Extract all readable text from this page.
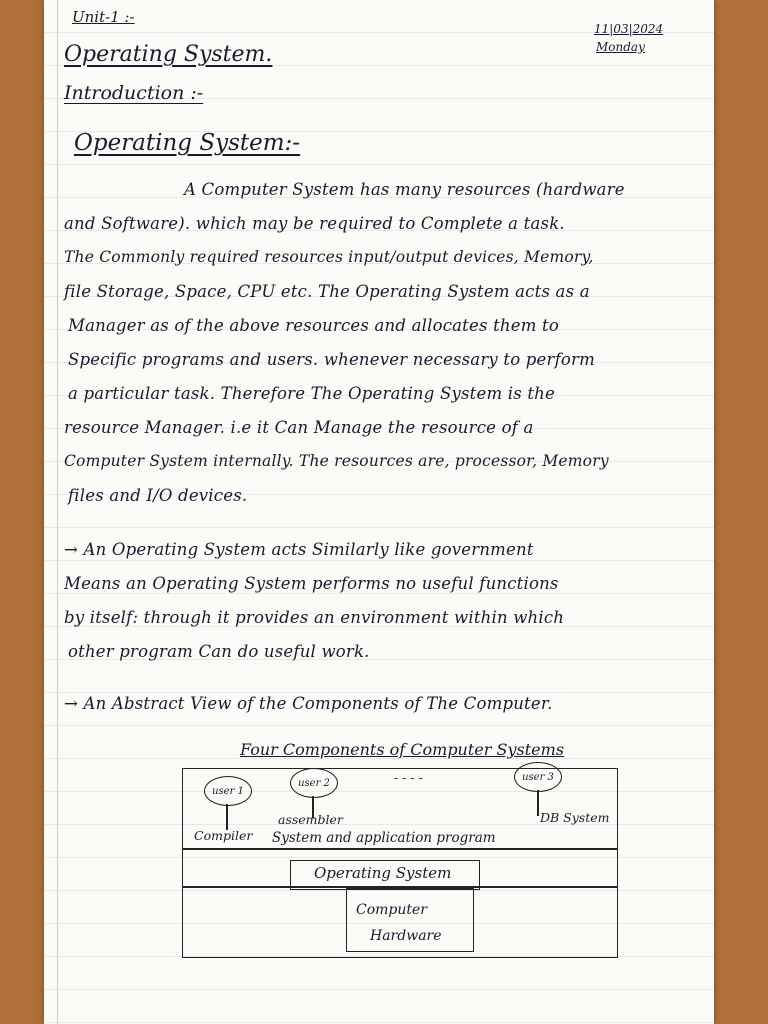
Unit-1 :-
11|03|2024
Monday
Operating System.
Introduction :-
Operating System:-
A Computer System has many resources (hardware
and Software). which may be required to Complete a task.
The Commonly required resources input/output devices, Memory,
file Storage, Space, CPU etc. The Operating System acts as a
Manager as of the above resources and allocates them to
Specific programs and users. whenever necessary to perform
a particular task. Therefore The Operating System is the
resource Manager. i.e it Can Manage the resource of a
Computer System internally. The resources are, processor, Memory
files and I/O devices.
→ An Operating System acts Similarly like government
Means an Operating System performs no useful functions
by itself: through it provides an environment within which
other program Can do useful work.
→ An Abstract View of the Components of The Computer.
Four Components of Computer Systems
user 1
user 2
user 3
- - - -
Compiler
assembler	DB System
System and application program
Operating System
Computer
Hardware
